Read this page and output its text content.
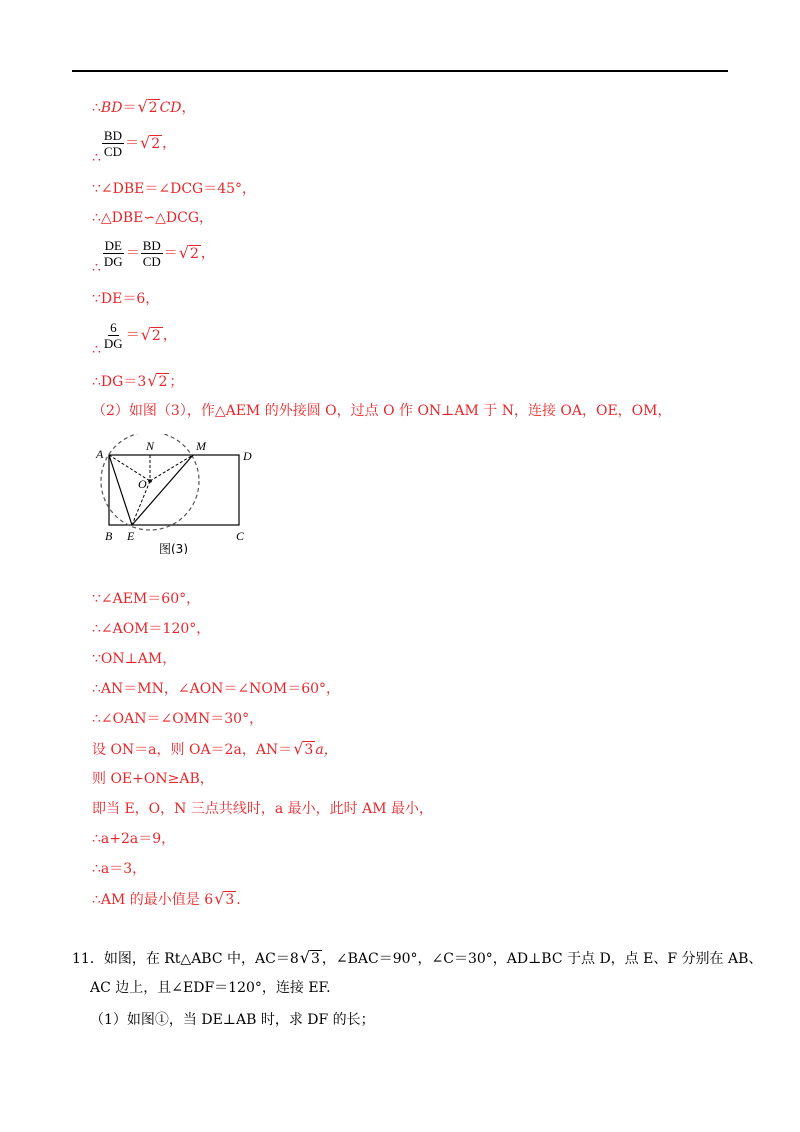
∴BD＝√2 CD，
∴ $\frac{BD}{CD} =√2$ ，
∵∠DBE＝∠DCG＝45°，
∴△DBE∽△DCG，
∴ $\frac{DE}{DG} = \frac{BD}{CD} =√2$ ，
∵DE＝6，
∴ $\frac{6}{DG} =√2$ ，
∴DG＝3√2 ；
（2）如图（3），作△AEM 的外接圆 O，过点 O 作 ON⊥AM 于 N，连接 OA，OE，OM，
A
N	M
D
O
B E	C
图(3)
∵∠AEM＝60°，
∴∠AOM＝120°，
∵ON⊥AM，
∴AN＝MN，∠AON＝∠NOM＝60°，
∴∠OAN＝∠OMN＝30°，
设 ON＝a，则 OA＝2a，AN＝√3 a，
则 OE+ON≥AB，
即当 E，O，N 三点共线时，a 最小，此时 AM 最小，
∴a+2a＝9，
∴a＝3，
∴AM 的最小值是 6√3 .
11．如图，在 Rt△ABC 中，AC＝8√3 ，∠BAC＝90°，∠C＝30°，AD⊥BC 于点 D，点 E、F 分别在 AB、
AC 边上，且∠EDF＝120°，连接 EF.
（1）如图①，当 DE⊥AB 时，求 DF 的长；
